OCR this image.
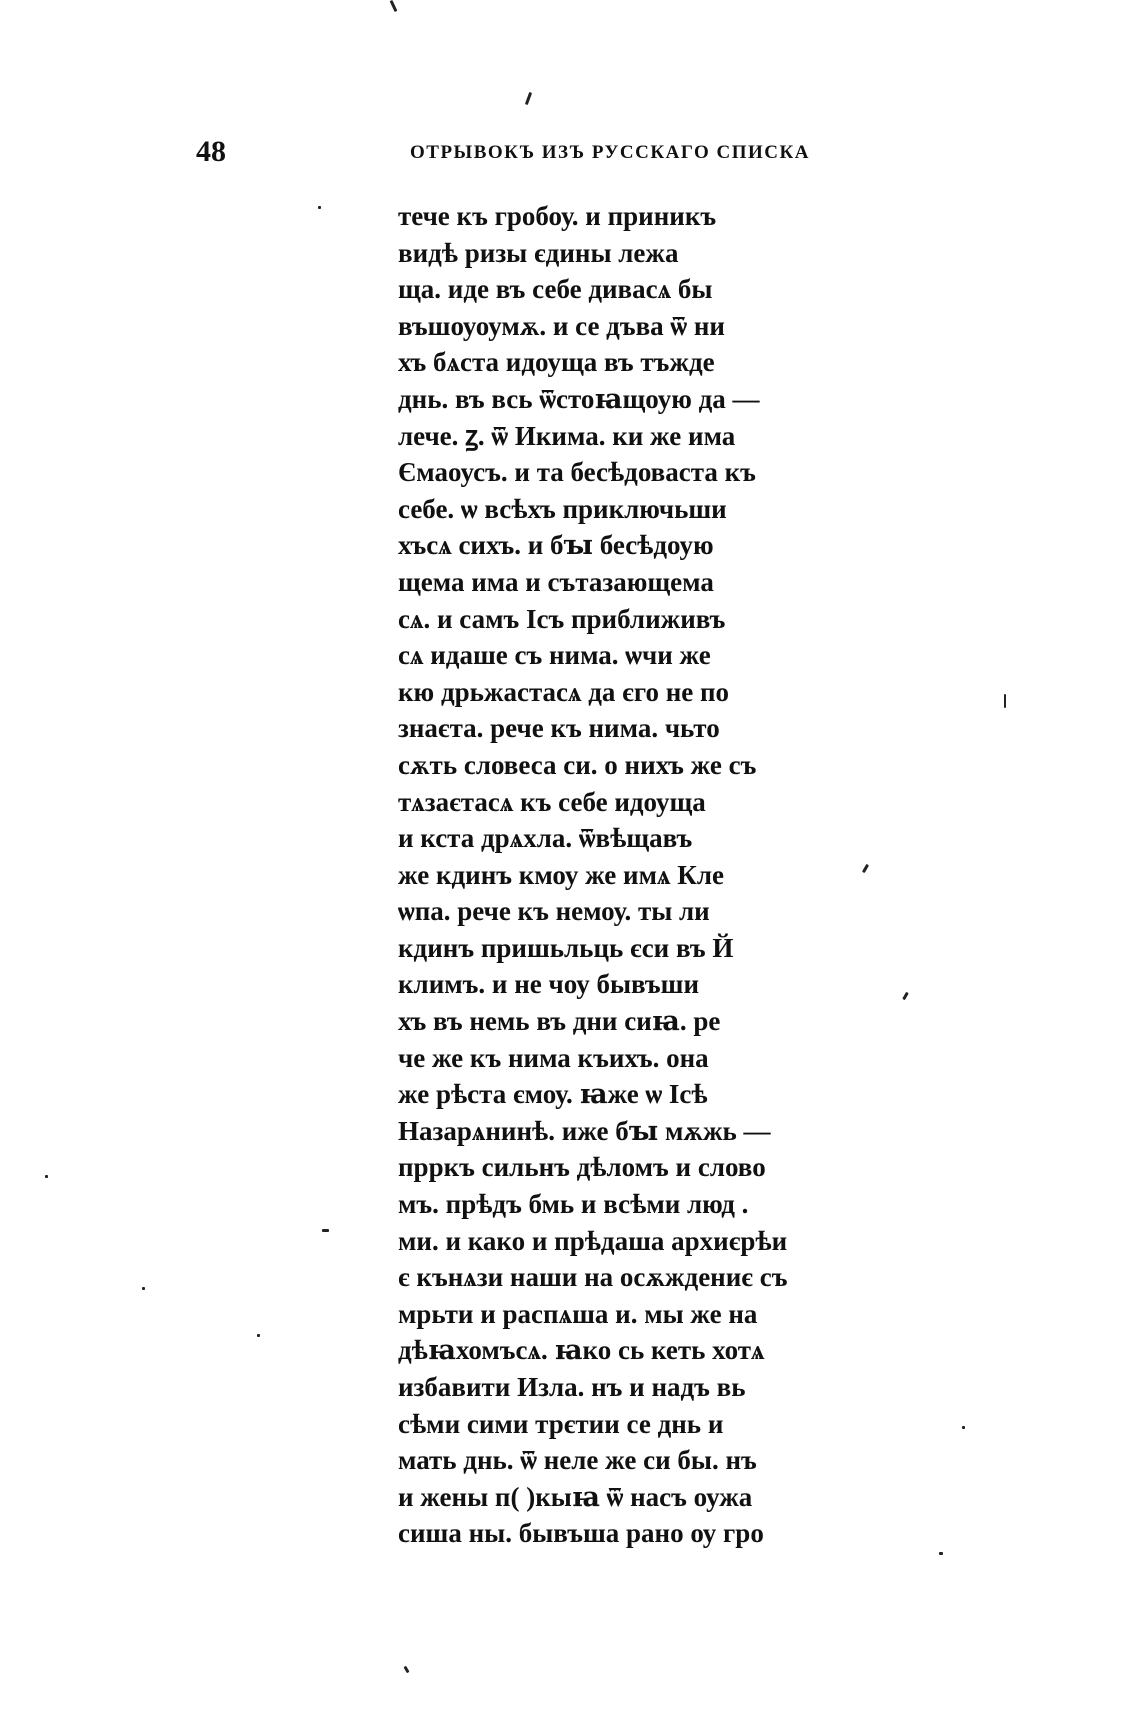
48	ОТРЫВОКЪ ИЗЪ РУССКАГО СПИСКА
тече къ гробоу. и приникъ
видѣ ризы єдины лежа
ща. иде въ себе дивасѧ бы
въшоуоумѫ. и се дъва ѿ ни
хъ бѧста идоуща въ тъжде
днь. въ всь ѿстоꙗщоую да —
лече. ꙁ. ѿ Икима. ки же има
Ємаоусъ. и та бесѣдоваста къ
себе. ѡ всѣхъ приключьши
хъсѧ сихъ. и бꙑ бесѣдоую
щема има и сътазающема
сѧ. и самъ Ісъ приближивъ
сѧ идаше съ нима. ѡчи же
кю дрьжастасѧ да єго не по
знаєта. рече къ нима. чьто
сѫть словеса си. о нихъ же съ
тѧзаєтасѧ къ себе идоуща
и кста дрѧхла. ѿвѣщавъ
же кдинъ кмоу же имѧ Кле
ѡпа. рече къ немоу. ты ли
кдинъ пришьльць єси въ Й
климъ. и не чоу бывъши
хъ въ немь въ дни сиꙗ. ре
че же къ нима къихъ. она
же рѣста ємоу. ꙗже ѡ Ісѣ
Назарѧнинѣ. иже бꙑ мѫжь —
прркъ сильнъ дѣломъ и слово
мъ. прѣдъ бмь и всѣми люд .
ми. и како и прѣдаша архиєрѣи
є кънѧзи наши на осѫждениє съ
мрьти и распѧша и. мы же на
дѣꙗхомъсѧ. ꙗко сь кеть хотѧ
избавити Изла. нъ и надъ вь
сѣми сими трєтии се днь и
мать днь. ѿ неле же си бы. нъ
и жены п( )кыꙗ ѿ насъ оужа
сиша ны. бывъша рано оу гро
